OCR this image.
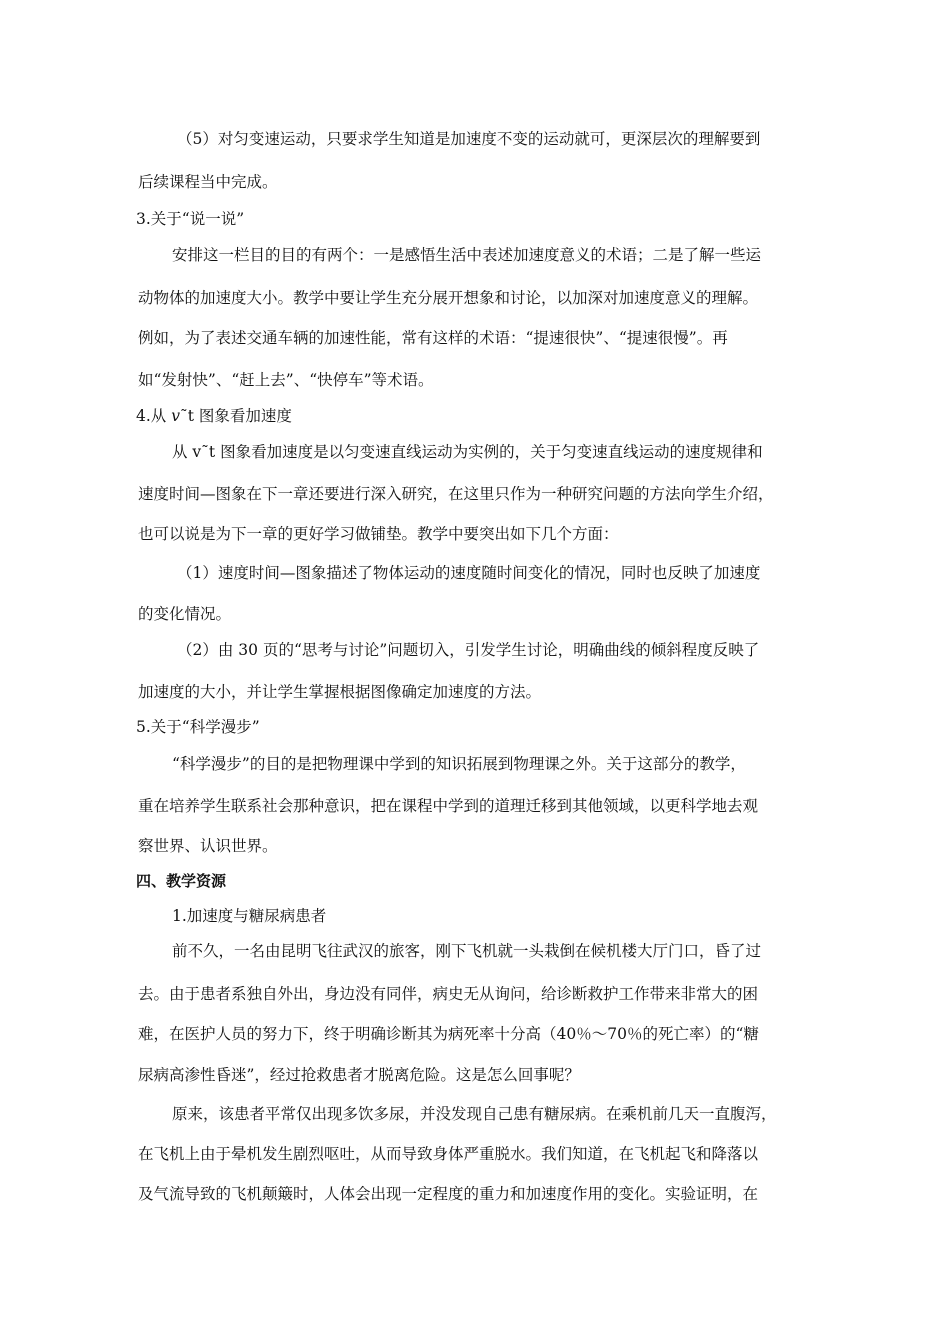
（5）对匀变速运动，只要求学生知道是加速度不变的运动就可，更深层次的理解要到
后续课程当中完成。
3.关于“说一说”
安排这一栏目的目的有两个：一是感悟生活中表述加速度意义的术语；二是了解一些运
动物体的加速度大小。教学中要让学生充分展开想象和讨论，以加深对加速度意义的理解。
例如，为了表述交通车辆的加速性能，常有这样的术语：“提速很快”、“提速很慢”。再
如“发射快”、“赶上去”、“快停车”等术语。
4.从 v˜t 图象看加速度
从 v˜t 图象看加速度是以匀变速直线运动为实例的，关于匀变速直线运动的速度规律和
速度时间—图象在下一章还要进行深入研究，在这里只作为一种研究问题的方法向学生介绍，
也可以说是为下一章的更好学习做铺垫。教学中要突出如下几个方面：
（1）速度时间—图象描述了物体运动的速度随时间变化的情况，同时也反映了加速度
的变化情况。
（2）由 30 页的“思考与讨论”问题切入，引发学生讨论，明确曲线的倾斜程度反映了
加速度的大小，并让学生掌握根据图像确定加速度的方法。
5.关于“科学漫步”
“科学漫步”的目的是把物理课中学到的知识拓展到物理课之外。关于这部分的教学，
重在培养学生联系社会那种意识，把在课程中学到的道理迁移到其他领域，以更科学地去观
察世界、认识世界。
四、教学资源
1.加速度与糖尿病患者
前不久，一名由昆明飞往武汉的旅客，刚下飞机就一头栽倒在候机楼大厅门口，昏了过
去。由于患者系独自外出，身边没有同伴，病史无从询问，给诊断救护工作带来非常大的困
难，在医护人员的努力下，终于明确诊断其为病死率十分高（40％～70％的死亡率）的“糖
尿病高渗性昏迷”，经过抢救患者才脱离危险。这是怎么回事呢？
原来，该患者平常仅出现多饮多尿，并没发现自己患有糖尿病。在乘机前几天一直腹泻，
在飞机上由于晕机发生剧烈呕吐，从而导致身体严重脱水。我们知道，在飞机起飞和降落以
及气流导致的飞机颠簸时，人体会出现一定程度的重力和加速度作用的变化。实验证明，在
